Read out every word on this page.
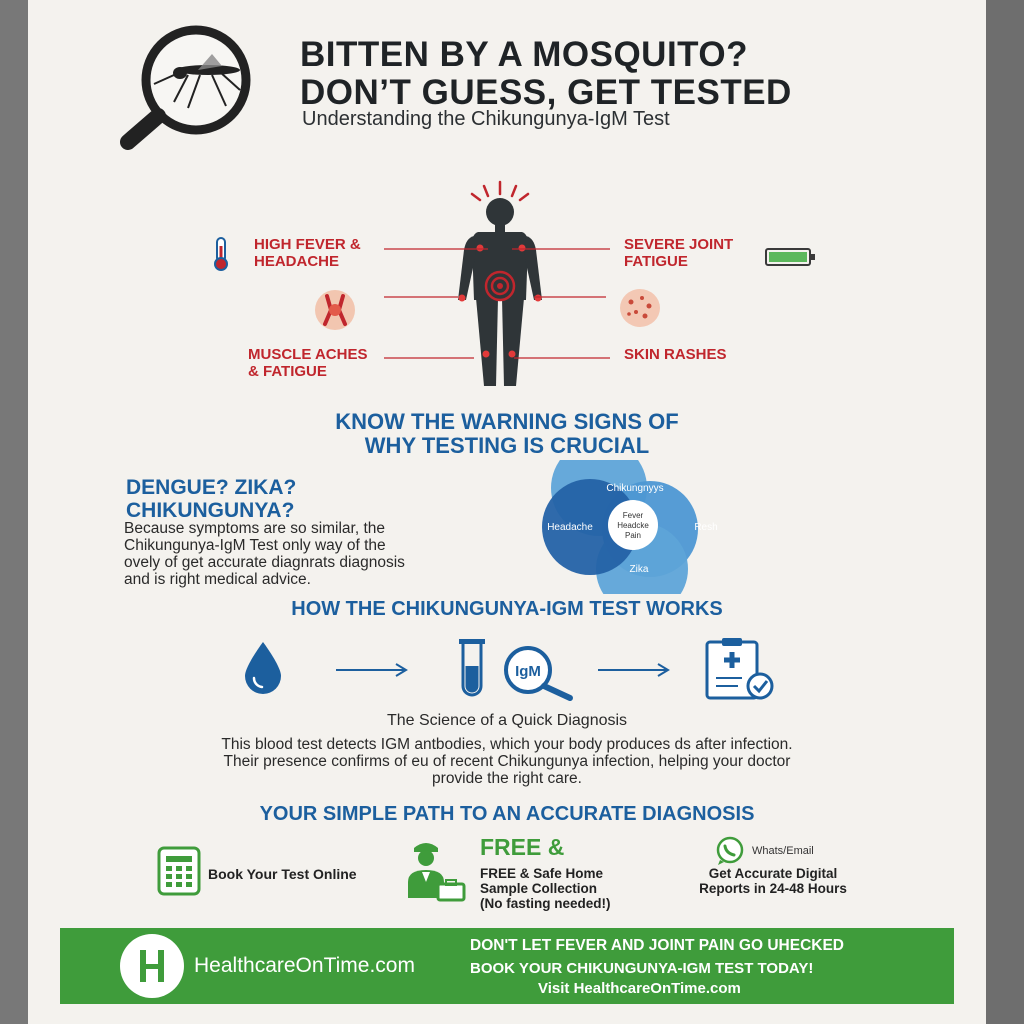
BITTEN BY A MOSQUITO?
DON’T GUESS, GET TESTED
Understanding the Chikungunya-IgM Test
HIGH FEVER &
HEADACHE
SEVERE JOINT
FATIGUE
MUSCLE ACHES
& FATIGUE
SKIN RASHES
KNOW THE WARNING SIGNS OF
WHY TESTING IS CRUCIAL
DENGUE? ZIKA?
CHIKUNGUNYA?
Because symptoms are so similar, the
Chikungunya-IgM Test only way of the
ovely of get accurate diagnrats diagnosis
and is right medical advice.
Chikungnyys
Headache	Resh
Zika
Fever
Headcke
Pain
HOW THE CHIKUNGUNYA-IGM TEST WORKS
IgM
The Science of a Quick Diagnosis
This blood test detects IGM antbodies, which your body produces ds after infection.
Their presence confirms of eu of recent Chikungunya infection, helping your doctor
provide the right care.
YOUR SIMPLE PATH TO AN ACCURATE DIAGNOSIS
Book Your Test Online
FREE &
FREE & Safe Home
Sample Collection
(No fasting needed!)
Whats/Email
Get Accurate Digital
Reports in 24-48 Hours
HealthcareOnTime.com
DON'T LET FEVER AND JOINT PAIN GO UHECKED
BOOK YOUR CHIKUNGUNYA-IGM TEST TODAY!
Visit HealthcareOnTime.com
